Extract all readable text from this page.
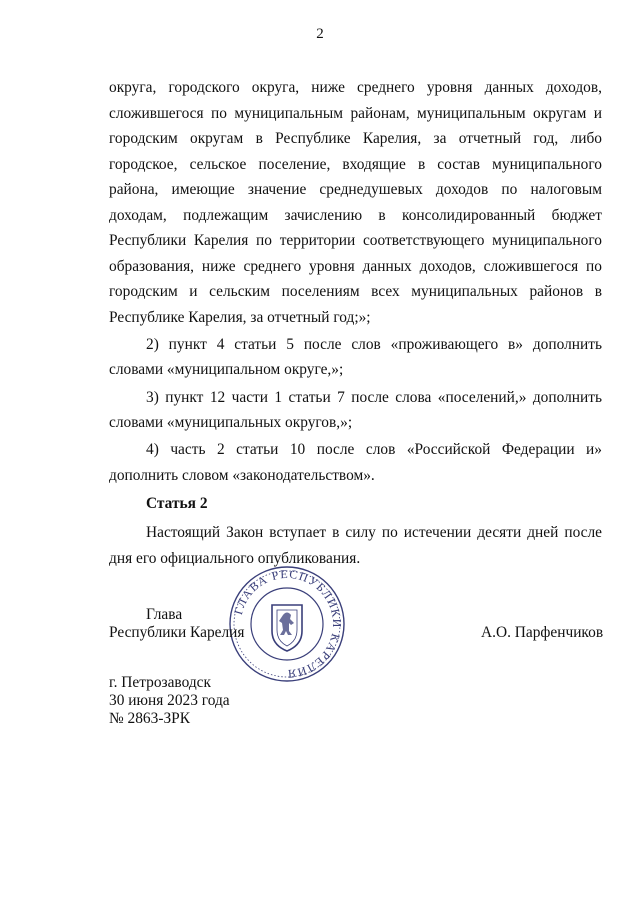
2

округа, городского округа, ниже среднего уровня данных доходов, сложившегося по муниципальным районам, муниципальным округам и городским округам в Республике Карелия, за отчетный год, либо городское, сельское поселение, входящие в состав муниципального района, имеющие значение среднедушевых доходов по налоговым доходам, подлежащим зачислению в консолидированный бюджет Республики Карелия по территории соответствующего муниципального образования, ниже среднего уровня данных доходов, сложившегося по городским и сельским поселениям всех муниципальных районов в Республике Карелия, за отчетный год;»;

2) пункт 4 статьи 5 после слов «проживающего в» дополнить словами «муниципальном округе,»;

3) пункт 12 части 1 статьи 7 после слова «поселений,» дополнить словами «муниципальных округов,»;

4) часть 2 статьи 10 после слов «Российской Федерации и» дополнить словом «законодательством».

Статья 2
Настоящий Закон вступает в силу по истечении десяти дней после дня его официального опубликования.
ГЛАВА РЕСПУБЛИКИ КАРЕЛИЯ
Глава
Республики Карелия	А.О. Парфенчиков
г. Петрозаводск
30 июня 2023 года
№ 2863-ЗРК
